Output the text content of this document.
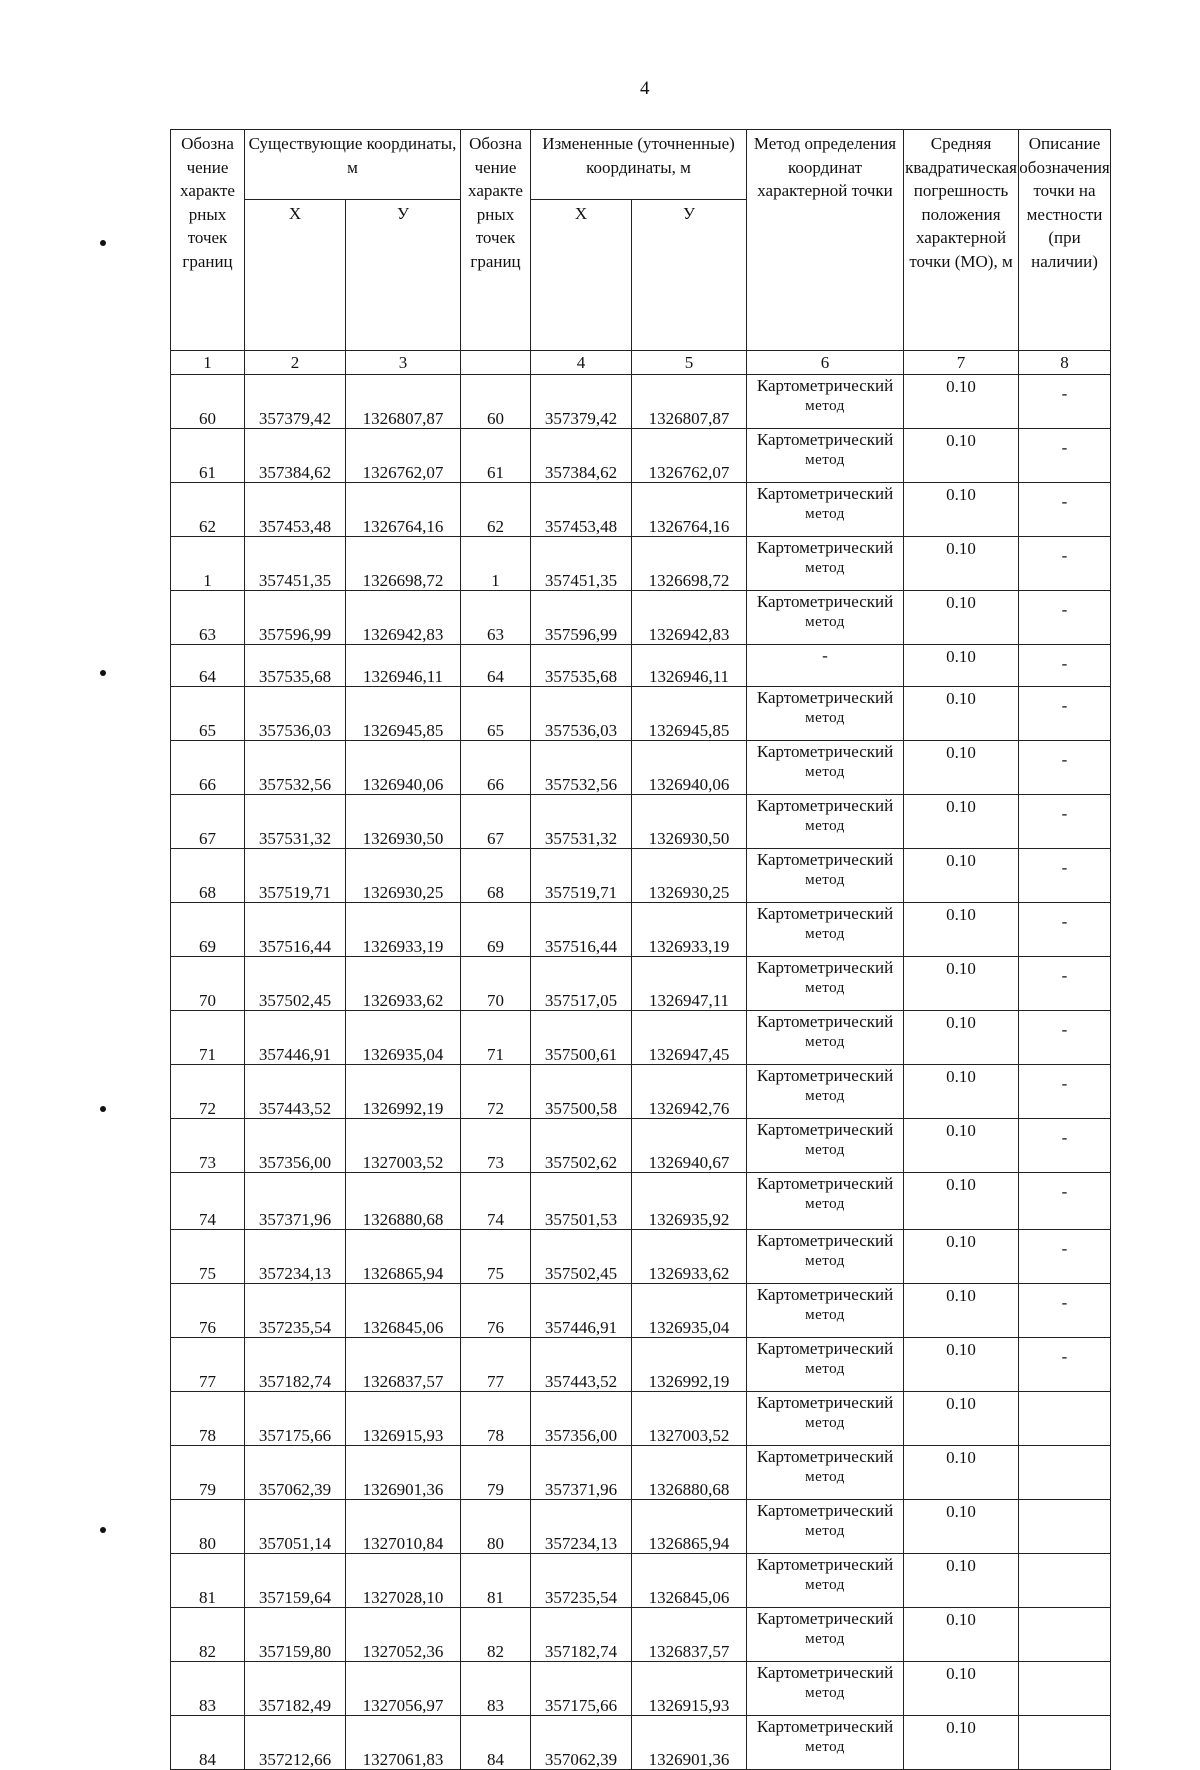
4
Обозна чение характе рных точек границ	Существующие координаты, м		Обозна чение характе рных точек границ	Измененные (уточненные) координаты, м		Метод определения координат характерной точки	Средняя квадратическая погрешность положения характерной точки (МО), м	Описание обозначения точки на местности (при наличии)
	X	У		X	У			
1	2	3		4	5	6	7	8
60	357379,42	1326807,87	60	357379,42	1326807,87	Картометрический
метод	0.10	-
61	357384,62	1326762,07	61	357384,62	1326762,07	Картометрический
метод	0.10	-
62	357453,48	1326764,16	62	357453,48	1326764,16	Картометрический
метод	0.10	-
1	357451,35	1326698,72	1	357451,35	1326698,72	Картометрический
метод	0.10	-
63	357596,99	1326942,83	63	357596,99	1326942,83	Картометрический
метод	0.10	-
64	357535,68	1326946,11	64	357535,68	1326946,11	-	0.10	-
65	357536,03	1326945,85	65	357536,03	1326945,85	Картометрический
метод	0.10	-
66	357532,56	1326940,06	66	357532,56	1326940,06	Картометрический
метод	0.10	-
67	357531,32	1326930,50	67	357531,32	1326930,50	Картометрический
метод	0.10	-
68	357519,71	1326930,25	68	357519,71	1326930,25	Картометрический
метод	0.10	-
69	357516,44	1326933,19	69	357516,44	1326933,19	Картометрический
метод	0.10	-
70	357502,45	1326933,62	70	357517,05	1326947,11	Картометрический
метод	0.10	-
71	357446,91	1326935,04	71	357500,61	1326947,45	Картометрический
метод	0.10	-
72	357443,52	1326992,19	72	357500,58	1326942,76	Картометрический
метод	0.10	-
73	357356,00	1327003,52	73	357502,62	1326940,67	Картометрический
метод	0.10	-
74	357371,96	1326880,68	74	357501,53	1326935,92	Картометрический
метод	0.10	-
75	357234,13	1326865,94	75	357502,45	1326933,62	Картометрический
метод	0.10	-
76	357235,54	1326845,06	76	357446,91	1326935,04	Картометрический
метод	0.10	-
77	357182,74	1326837,57	77	357443,52	1326992,19	Картометрический
метод	0.10	-
78	357175,66	1326915,93	78	357356,00	1327003,52	Картометрический
метод	0.10	
79	357062,39	1326901,36	79	357371,96	1326880,68	Картометрический
метод	0.10	
80	357051,14	1327010,84	80	357234,13	1326865,94	Картометрический
метод	0.10	
81	357159,64	1327028,10	81	357235,54	1326845,06	Картометрический
метод	0.10	
82	357159,80	1327052,36	82	357182,74	1326837,57	Картометрический
метод	0.10	
83	357182,49	1327056,97	83	357175,66	1326915,93	Картометрический
метод	0.10	
84	357212,66	1327061,83	84	357062,39	1326901,36	Картометрический
метод	0.10	
